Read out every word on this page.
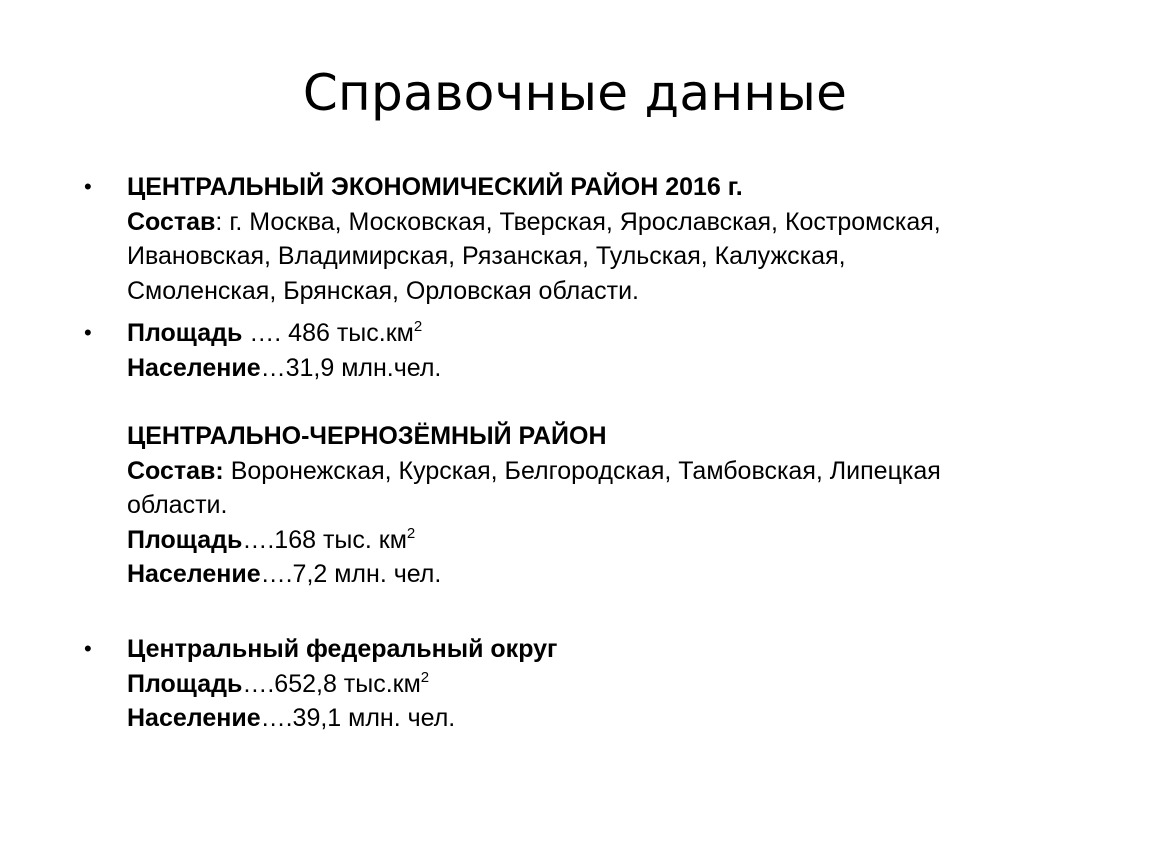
Справочные данные
• ЦЕНТРАЛЬНЫЙ ЭКОНОМИЧЕСКИЙ РАЙОН 2016 г.
Состав: г. Москва, Московская, Тверская, Ярославская, Костромская,
Ивановская, Владимирская, Рязанская, Тульская, Калужская,
Смоленская, Брянская, Орловская области.
• Площадь …. 486 $тыс.км^2$
Население…31,9 млн.чел.
ЦЕНТРАЛЬНО-ЧЕРНОЗЁМНЫЙ РАЙОН
Состав: Воронежская, Курская, Белгородская, Тамбовская, Липецкая
области.
Площадь….168 тыс. $км^2$
Население….7,2 млн. чел.
• Центральный федеральный округ
Площадь….652,8 $тыс.км^2$
Население….39,1 млн. чел.
